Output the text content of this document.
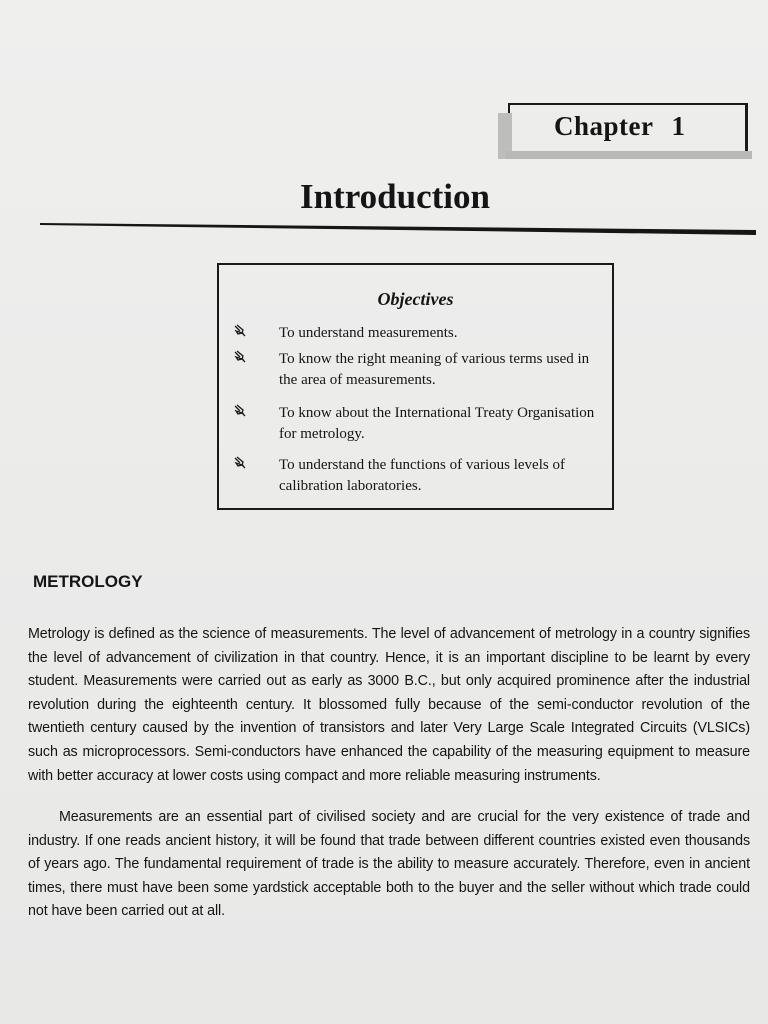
Chapter 1
Introduction
Objectives
To understand measurements.
To know the right meaning of various terms used in the area of measurements.
To know about the International Treaty Organisation for metrology.
To understand the functions of various levels of calibration laboratories.
METROLOGY

Metrology is defined as the science of measurements. The level of advancement of metrology in a country signifies the level of advancement of civilization in that country. Hence, it is an important discipline to be learnt by every student. Measurements were carried out as early as 3000 B.C., but only acquired prominence after the industrial revolution during the eighteenth century. It blossomed fully because of the semi-conductor revolution of the twentieth century caused by the invention of transistors and later Very Large Scale Integrated Circuits (VLSICs) such as microprocessors. Semi-conductors have enhanced the capability of the measuring equipment to measure with better accuracy at lower costs using compact and more reliable measuring instruments.

Measurements are an essential part of civilised society and are crucial for the very existence of trade and industry. If one reads ancient history, it will be found that trade between different countries existed even thousands of years ago. The fundamental requirement of trade is the ability to measure accurately. Therefore, even in ancient times, there must have been some yardstick acceptable both to the buyer and the seller without which trade could not have been carried out at all.
